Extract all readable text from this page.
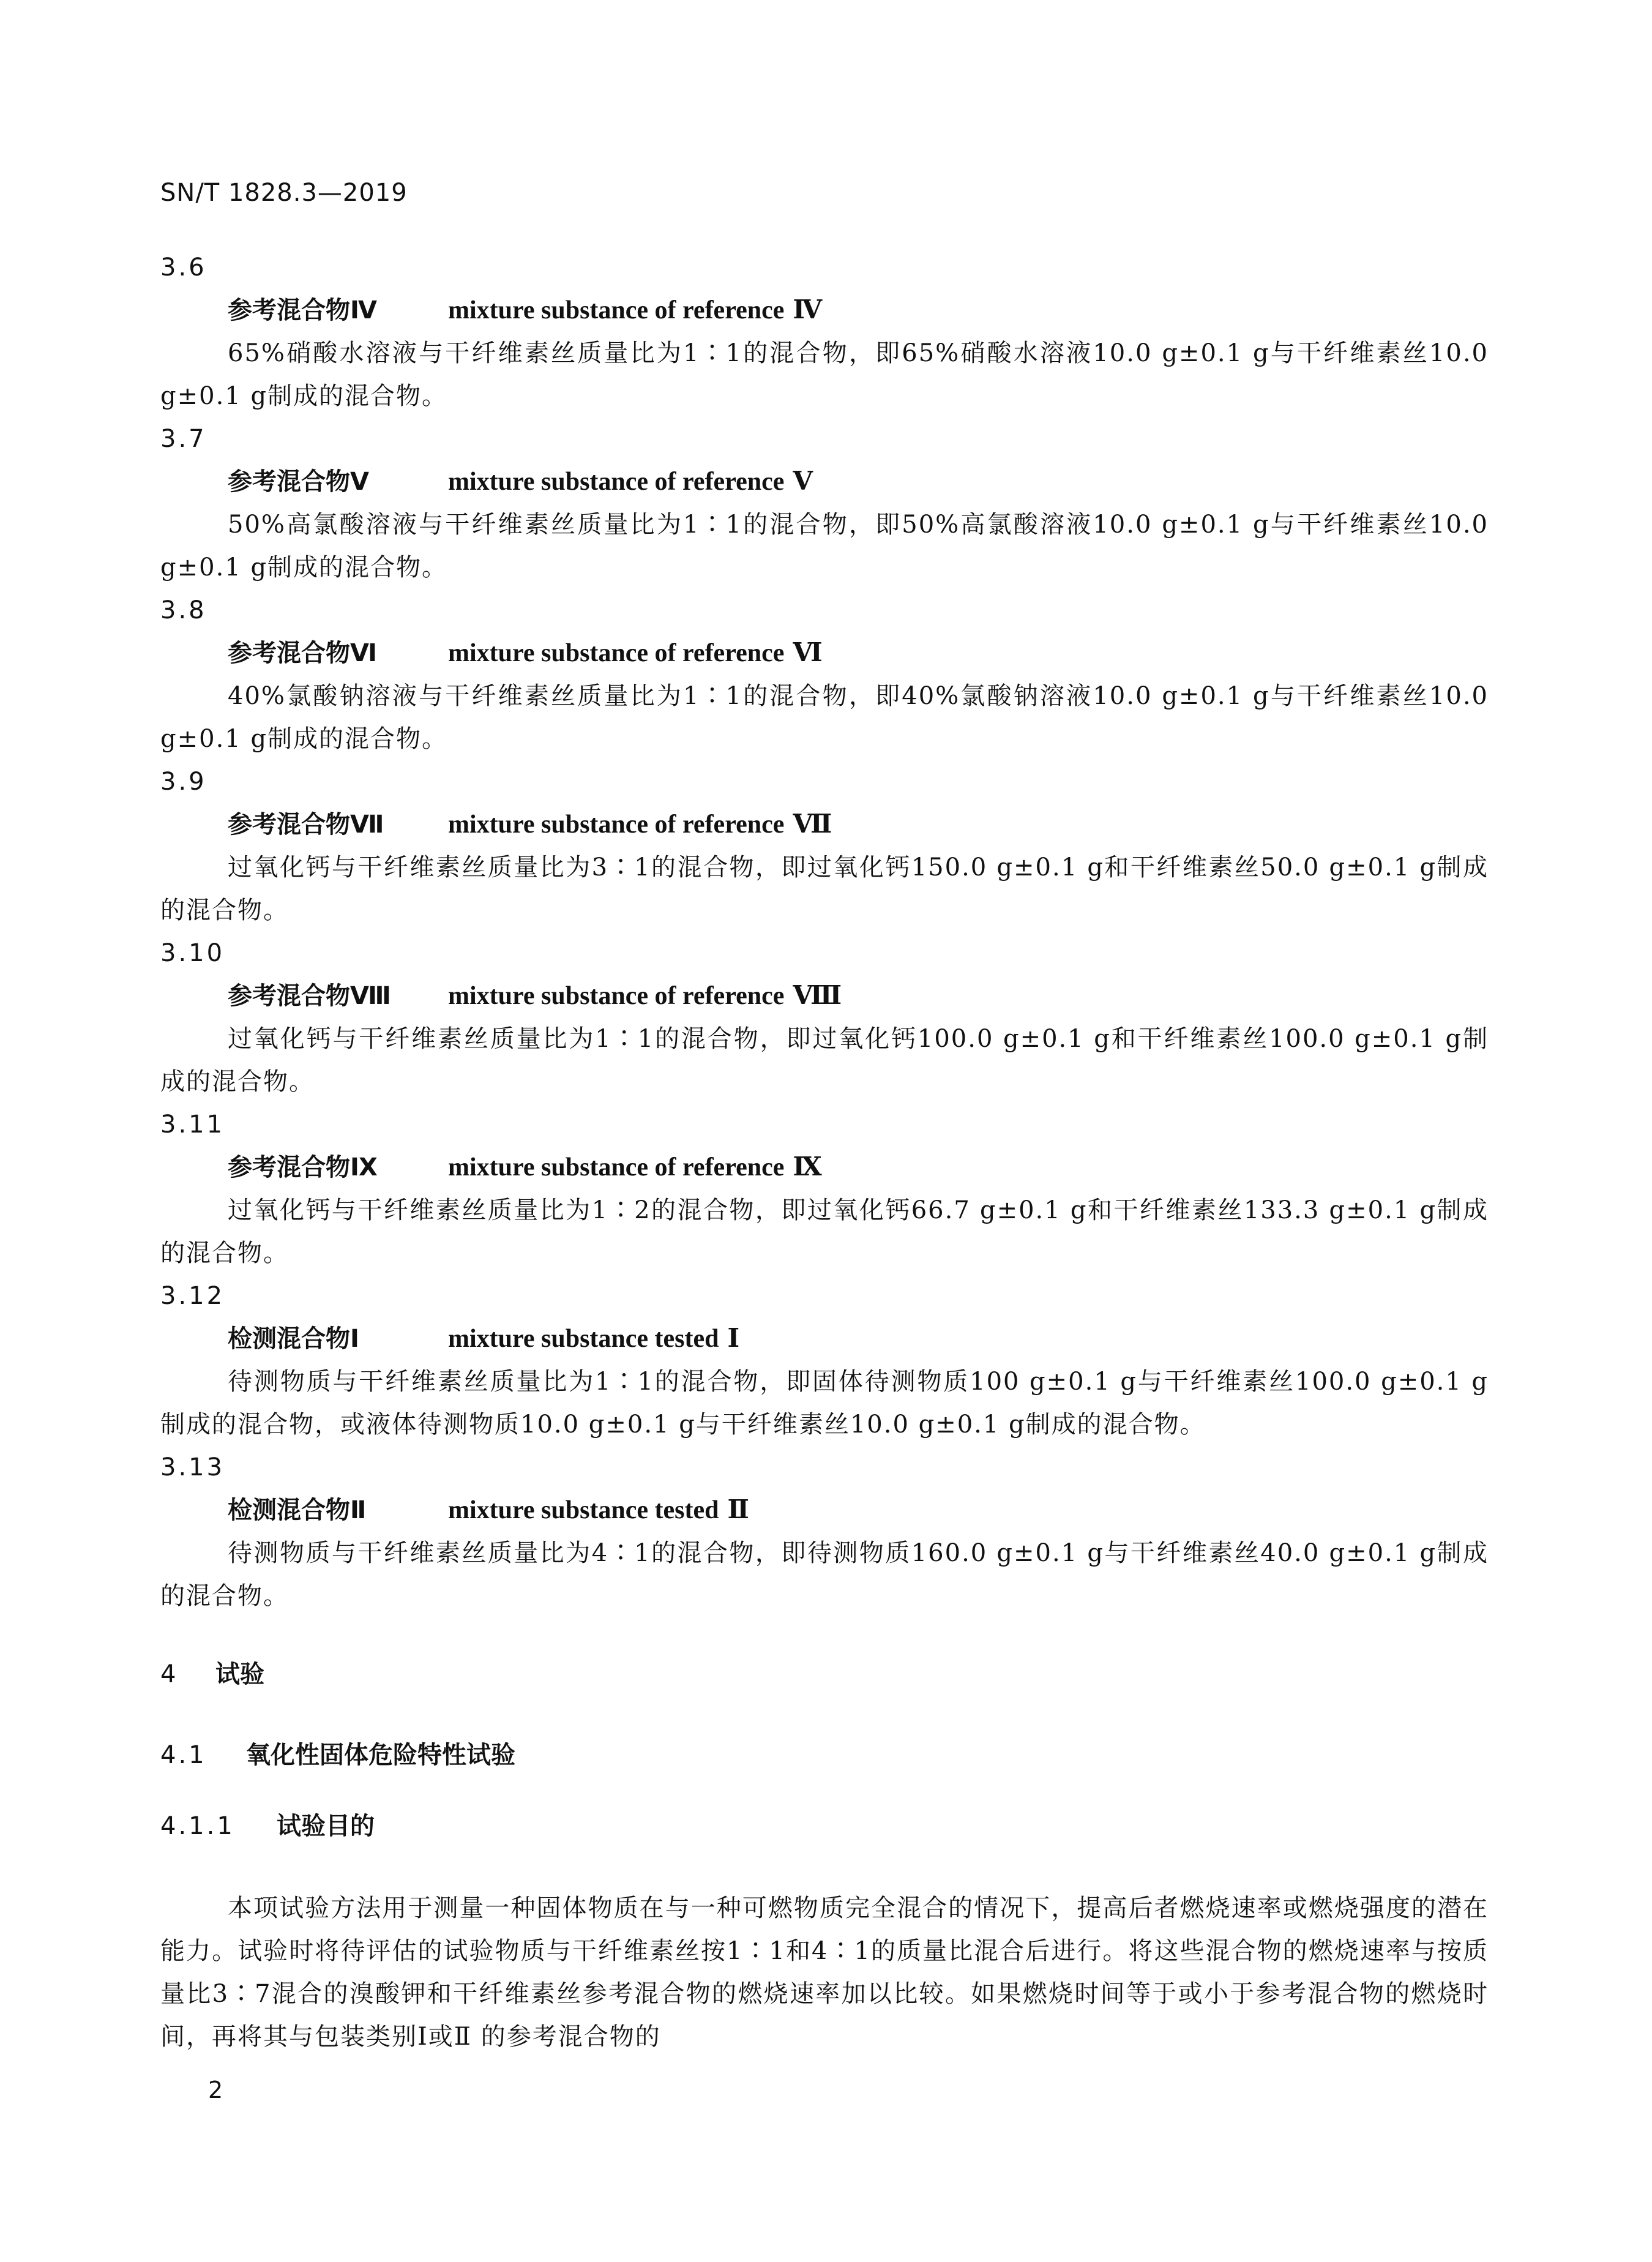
SN/T 1828.3—2019
3.6
参考混合物Ⅳ	mixture substance of reference Ⅳ
65%硝酸水溶液与干纤维素丝质量比为1∶1的混合物，即65%硝酸水溶液10.0 g±0.1 g与干纤维素丝10.0 g±0.1 g制成的混合物。
3.7
参考混合物Ⅴ	mixture substance of reference Ⅴ
50%高氯酸溶液与干纤维素丝质量比为1∶1的混合物，即50%高氯酸溶液10.0 g±0.1 g与干纤维素丝10.0 g±0.1 g制成的混合物。
3.8
参考混合物Ⅵ	mixture substance of reference Ⅵ
40%氯酸钠溶液与干纤维素丝质量比为1∶1的混合物，即40%氯酸钠溶液10.0 g±0.1 g与干纤维素丝10.0 g±0.1 g制成的混合物。
3.9
参考混合物Ⅶ mixture substance of reference Ⅶ
过氧化钙与干纤维素丝质量比为3∶1的混合物，即过氧化钙150.0 g±0.1 g和干纤维素丝50.0 g±0.1 g制成的混合物。
3.10
参考混合物Ⅷ mixture substance of reference Ⅷ
过氧化钙与干纤维素丝质量比为1∶1的混合物，即过氧化钙100.0 g±0.1 g和干纤维素丝100.0 g±0.1 g制成的混合物。
3.11
参考混合物Ⅸ	mixture substance of reference Ⅸ
过氧化钙与干纤维素丝质量比为1∶2的混合物，即过氧化钙66.7 g±0.1 g和干纤维素丝133.3 g±0.1 g制成的混合物。
3.12
检测混合物Ⅰ	mixture substance tested Ⅰ
待测物质与干纤维素丝质量比为1∶1的混合物，即固体待测物质100 g±0.1 g与干纤维素丝100.0 g±0.1 g制成的混合物，或液体待测物质10.0 g±0.1 g与干纤维素丝10.0 g±0.1 g制成的混合物。
3.13
检测混合物Ⅱ	mixture substance tested Ⅱ
待测物质与干纤维素丝质量比为4∶1的混合物，即待测物质160.0 g±0.1 g与干纤维素丝40.0 g±0.1 g制成的混合物。
4 试验
4.1 氧化性固体危险特性试验
4.1.1 试验目的
本项试验方法用于测量一种固体物质在与一种可燃物质完全混合的情况下，提高后者燃烧速率或燃烧强度的潜在能力。试验时将待评估的试验物质与干纤维素丝按1∶1和4∶1的质量比混合后进行。将这些混合物的燃烧速率与按质量比3∶7混合的溴酸钾和干纤维素丝参考混合物的燃烧速率加以比较。如果燃烧时间等于或小于参考混合物的燃烧时间，再将其与包装类别Ⅰ或Ⅱ 的参考混合物的
2
